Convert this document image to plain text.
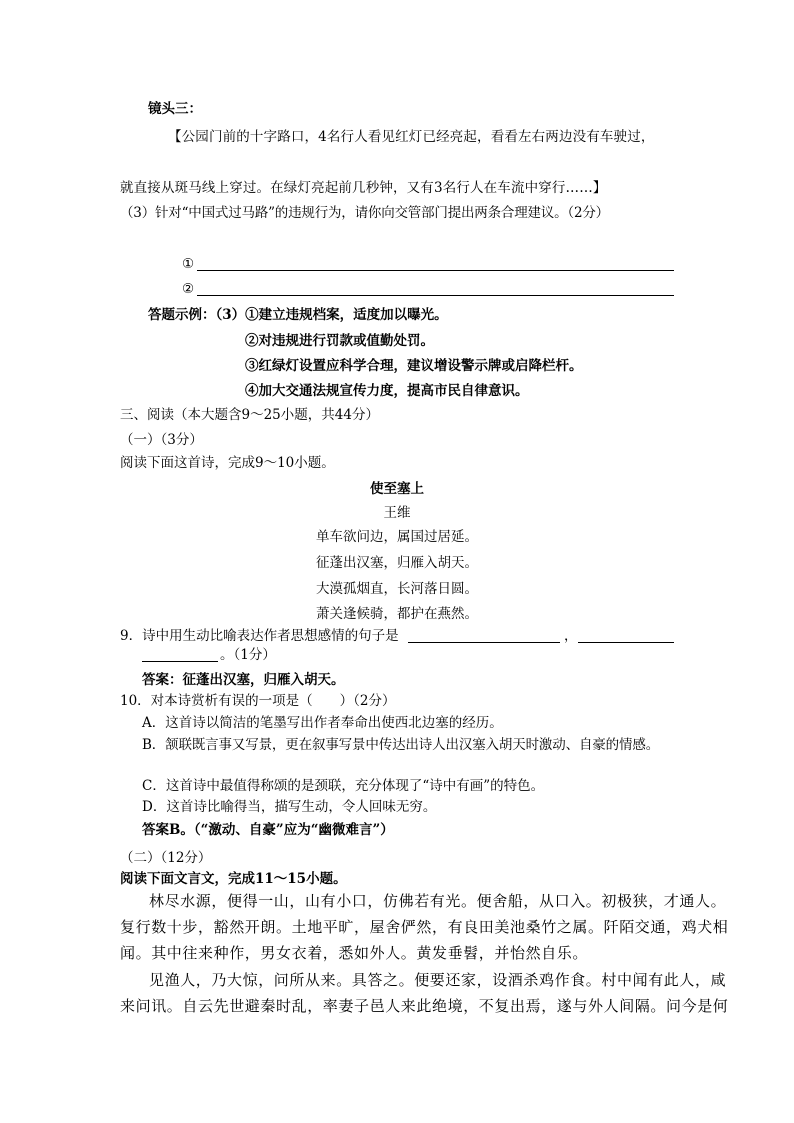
镜头三：
【公园门前的十字路口，4名行人看见红灯已经亮起，看看左右两边没有车驶过，
就直接从斑马线上穿过。在绿灯亮起前几秒钟，又有3名行人在车流中穿行……】
（3）针对“中国式过马路”的违规行为，请你向交管部门提出两条合理建议。（2分）
①
②
答题示例：（3）①建立违规档案，适度加以曝光。
②对违规进行罚款或值勤处罚。
③红绿灯设置应科学合理，建议增设警示牌或启降栏杆。
④加大交通法规宣传力度，提高市民自律意识。
三、阅读（本大题含9～25小题，共44分）
（一）（3分）
阅读下面这首诗，完成9～10小题。
使至塞上
王维
单车欲问边，属国过居延。
征蓬出汉塞，归雁入胡天。
大漠孤烟直，长河落日圆。
萧关逢候骑，都护在燕然。
9．诗中用生动比喻表达作者思想感情的句子是	，
。（1分）
答案：征蓬出汉塞，归雁入胡天。
10．对本诗赏析有误的一项是（　　）（2分）
A．这首诗以简洁的笔墨写出作者奉命出使西北边塞的经历。
B．颔联既言事又写景，更在叙事写景中传达出诗人出汉塞入胡天时激动、自豪的情感。
C．这首诗中最值得称颂的是颈联，充分体现了“诗中有画”的特色。
D．这首诗比喻得当，描写生动，令人回味无穷。
答案B。（“激动、自豪”应为“幽微难言”）
（二）（12分）
阅读下面文言文，完成11～15小题。
林尽水源，便得一山，山有小口，仿佛若有光。便舍船，从口入。初极狭，才通人。
复行数十步，豁然开朗。土地平旷，屋舍俨然，有良田美池桑竹之属。阡陌交通，鸡犬相
闻。其中往来种作，男女衣着，悉如外人。黄发垂髫，并怡然自乐。
见渔人，乃大惊，问所从来。具答之。便要还家，设酒杀鸡作食。村中闻有此人，咸
来问讯。自云先世避秦时乱，率妻子邑人来此绝境，不复出焉，遂与外人间隔。问今是何
